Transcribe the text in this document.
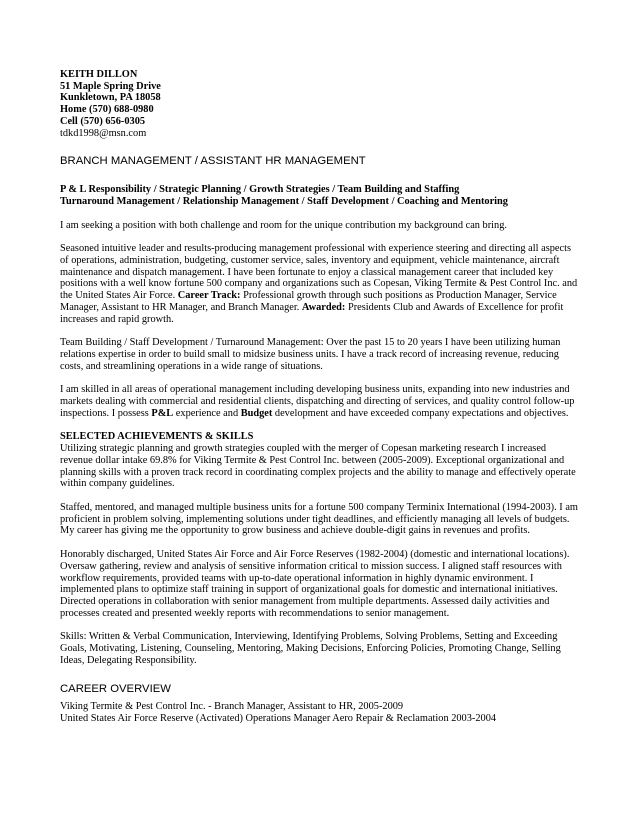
KEITH DILLON
51 Maple Spring Drive
Kunkletown, PA 18058
Home (570) 688-0980
Cell (570) 656-0305
tdkd1998@msn.com
BRANCH MANAGEMENT / ASSISTANT HR MANAGEMENT
P & L Responsibility / Strategic Planning / Growth Strategies / Team Building and Staffing
Turnaround Management / Relationship Management / Staff Development / Coaching and Mentoring

I am seeking a position with both challenge and room for the unique contribution my background can bring.

Seasoned intuitive leader and results-producing management professional with experience steering and directing all aspects of operations, administration, budgeting, customer service, sales, inventory and equipment, vehicle maintenance, aircraft maintenance and dispatch management. I have been fortunate to enjoy a classical management career that included key positions with a well know fortune 500 company and organizations such as Copesan, Viking Termite & Pest Control Inc. and the United States Air Force. Career Track: Professional growth through such positions as Production Manager, Service Manager, Assistant to HR Manager, and Branch Manager. Awarded: Presidents Club and Awards of Excellence for profit increases and rapid growth.

Team Building / Staff Development / Turnaround Management: Over the past 15 to 20 years I have been utilizing human relations expertise in order to build small to midsize business units. I have a track record of increasing revenue, reducing costs, and streamlining operations in a wide range of situations.

I am skilled in all areas of operational management including developing business units, expanding into new industries and markets dealing with commercial and residential clients, dispatching and directing of services, and quality control follow-up inspections. I possess P&L experience and Budget development and have exceeded company expectations and objectives.

SELECTED ACHIEVEMENTS & SKILLS

Utilizing strategic planning and growth strategies coupled with the merger of Copesan marketing research I increased revenue dollar intake 69.8% for Viking Termite & Pest Control Inc. between (2005-2009). Exceptional organizational and planning skills with a proven track record in coordinating complex projects and the ability to manage and effectively operate within company guidelines.

Staffed, mentored, and managed multiple business units for a fortune 500 company Terminix International (1994-2003). I am proficient in problem solving, implementing solutions under tight deadlines, and efficiently managing all levels of budgets. My career has giving me the opportunity to grow business and achieve double-digit gains in revenues and profits.

Honorably discharged, United States Air Force and Air Force Reserves (1982-2004) (domestic and international locations). Oversaw gathering, review and analysis of sensitive information critical to mission success. I aligned staff resources with workflow requirements, provided teams with up-to-date operational information in highly dynamic environment. I implemented plans to optimize staff training in support of organizational goals for domestic and international initiatives. Directed operations in collaboration with senior management from multiple departments. Assessed daily activities and processes created and presented weekly reports with recommendations to senior management.

Skills: Written & Verbal Communication, Interviewing, Identifying Problems, Solving Problems, Setting and Exceeding Goals, Motivating, Listening, Counseling, Mentoring, Making Decisions, Enforcing Policies, Promoting Change, Selling Ideas, Delegating Responsibility.

CAREER OVERVIEW
Viking Termite & Pest Control Inc. - Branch Manager, Assistant to HR, 2005-2009
United States Air Force Reserve (Activated) Operations Manager Aero Repair & Reclamation 2003-2004
